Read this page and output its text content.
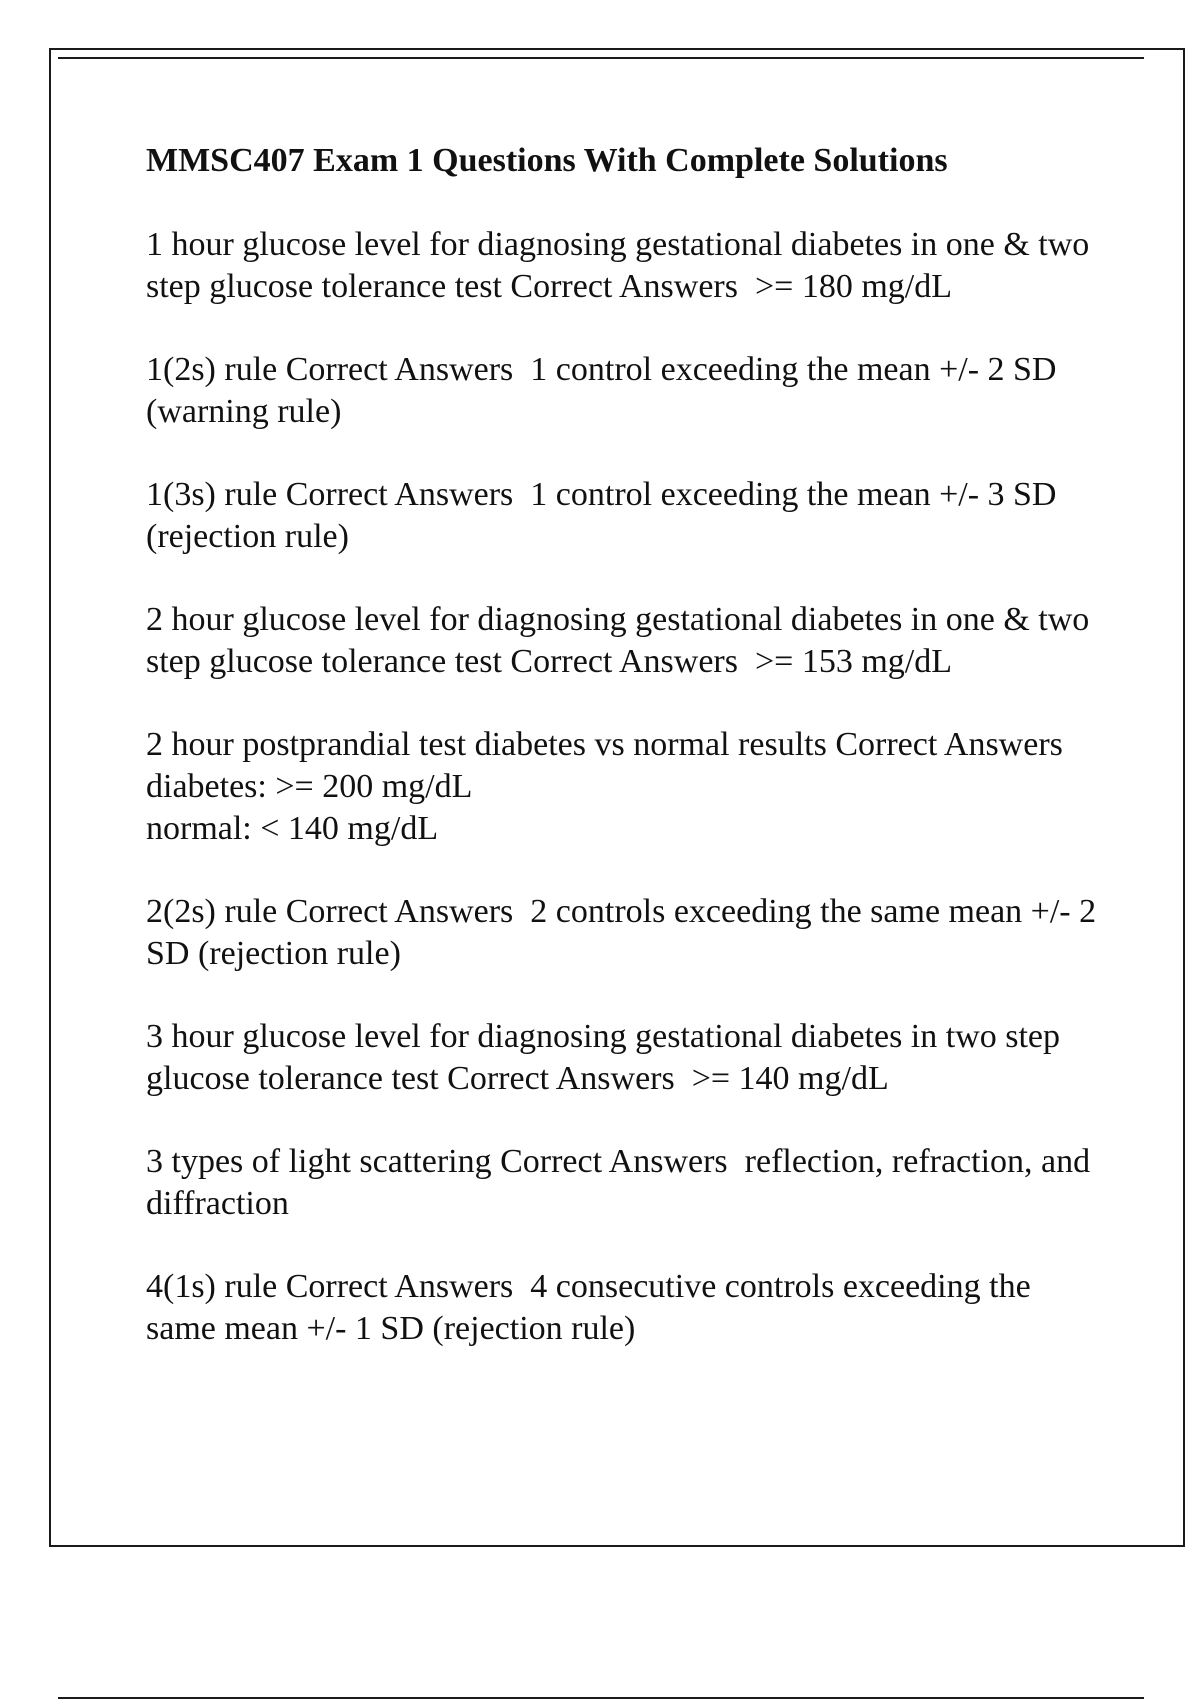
MMSC407 Exam 1 Questions With Complete Solutions
1 hour glucose level for diagnosing gestational diabetes in one & two step glucose tolerance test Correct Answers  >= 180 mg/dL
1(2s) rule Correct Answers  1 control exceeding the mean +/- 2 SD (warning rule)
1(3s) rule Correct Answers  1 control exceeding the mean +/- 3 SD (rejection rule)
2 hour glucose level for diagnosing gestational diabetes in one & two step glucose tolerance test Correct Answers  >= 153 mg/dL
2 hour postprandial test diabetes vs normal results Correct Answers  diabetes: >= 200 mg/dL
normal: < 140 mg/dL
2(2s) rule Correct Answers  2 controls exceeding the same mean +/- 2 SD (rejection rule)
3 hour glucose level for diagnosing gestational diabetes in two step glucose tolerance test Correct Answers  >= 140 mg/dL
3 types of light scattering Correct Answers  reflection, refraction, and diffraction
4(1s) rule Correct Answers  4 consecutive controls exceeding the same mean +/- 1 SD (rejection rule)
